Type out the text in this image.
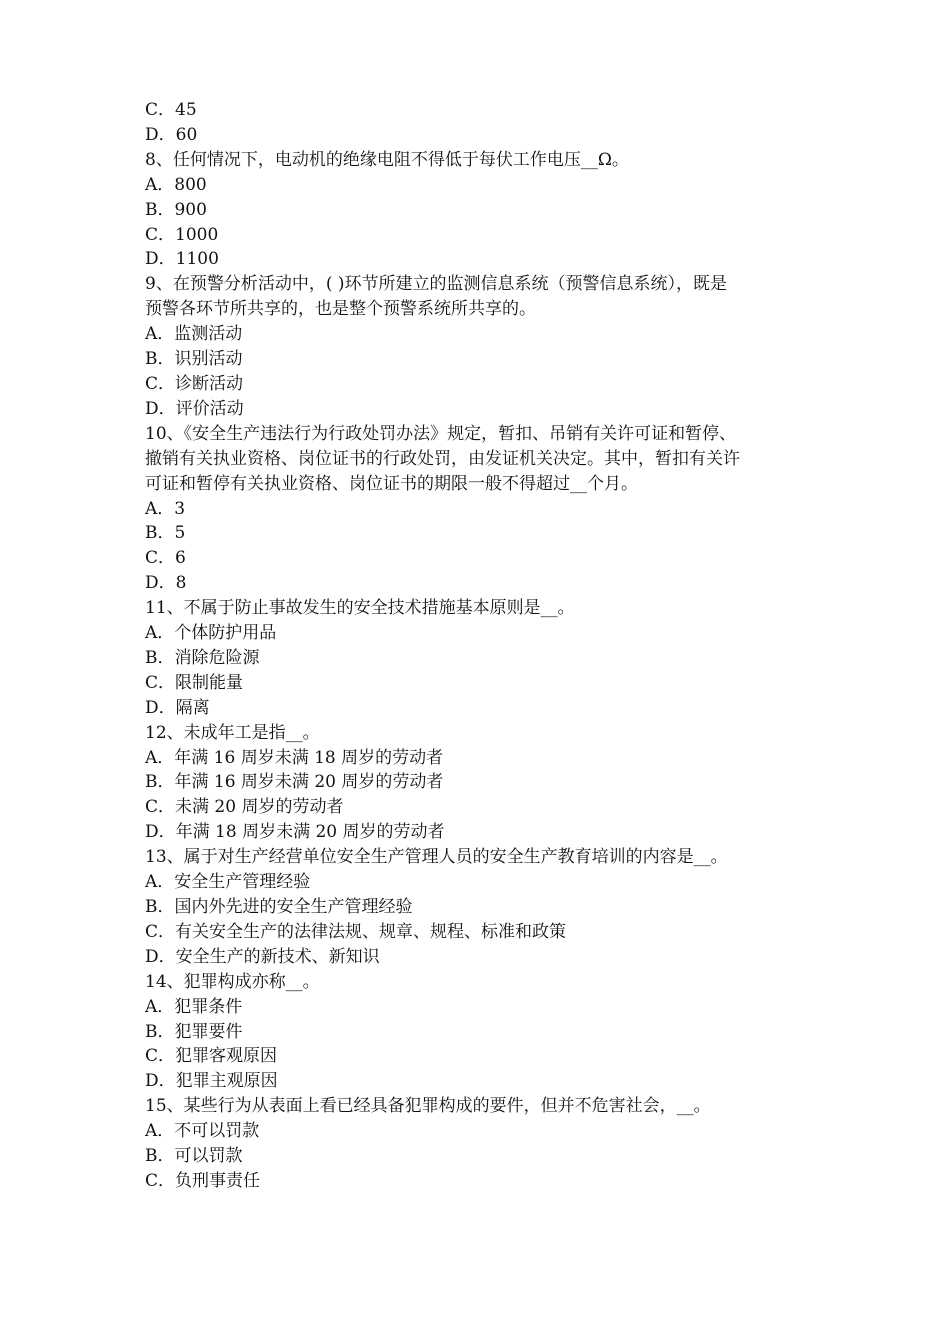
C．45

D．60

8、任何情况下，电动机的绝缘电阻不得低于每伏工作电压__Ω。

A．800

B．900

C．1000

D．1100

9、在预警分析活动中，( )环节所建立的监测信息系统（预警信息系统），既是

预警各环节所共享的，也是整个预警系统所共享的。

A．监测活动

B．识别活动

C．诊断活动

D．评价活动

10、《安全生产违法行为行政处罚办法》规定，暂扣、吊销有关许可证和暂停、

撤销有关执业资格、岗位证书的行政处罚，由发证机关决定。其中，暂扣有关许

可证和暂停有关执业资格、岗位证书的期限一般不得超过__个月。

A．3

B．5

C．6

D．8

11、不属于防止事故发生的安全技术措施基本原则是__。

A．个体防护用品

B．消除危险源

C．限制能量

D．隔离

12、未成年工是指__。

A．年满 16 周岁未满 18 周岁的劳动者

B．年满 16 周岁未满 20 周岁的劳动者

C．未满 20 周岁的劳动者

D．年满 18 周岁未满 20 周岁的劳动者

13、属于对生产经营单位安全生产管理人员的安全生产教育培训的内容是__。

A．安全生产管理经验

B．国内外先进的安全生产管理经验

C．有关安全生产的法律法规、规章、规程、标准和政策

D．安全生产的新技术、新知识

14、犯罪构成亦称__。

A．犯罪条件

B．犯罪要件

C．犯罪客观原因

D．犯罪主观原因

15、某些行为从表面上看已经具备犯罪构成的要件，但并不危害社会，__。

A．不可以罚款

B．可以罚款

C．负刑事责任
